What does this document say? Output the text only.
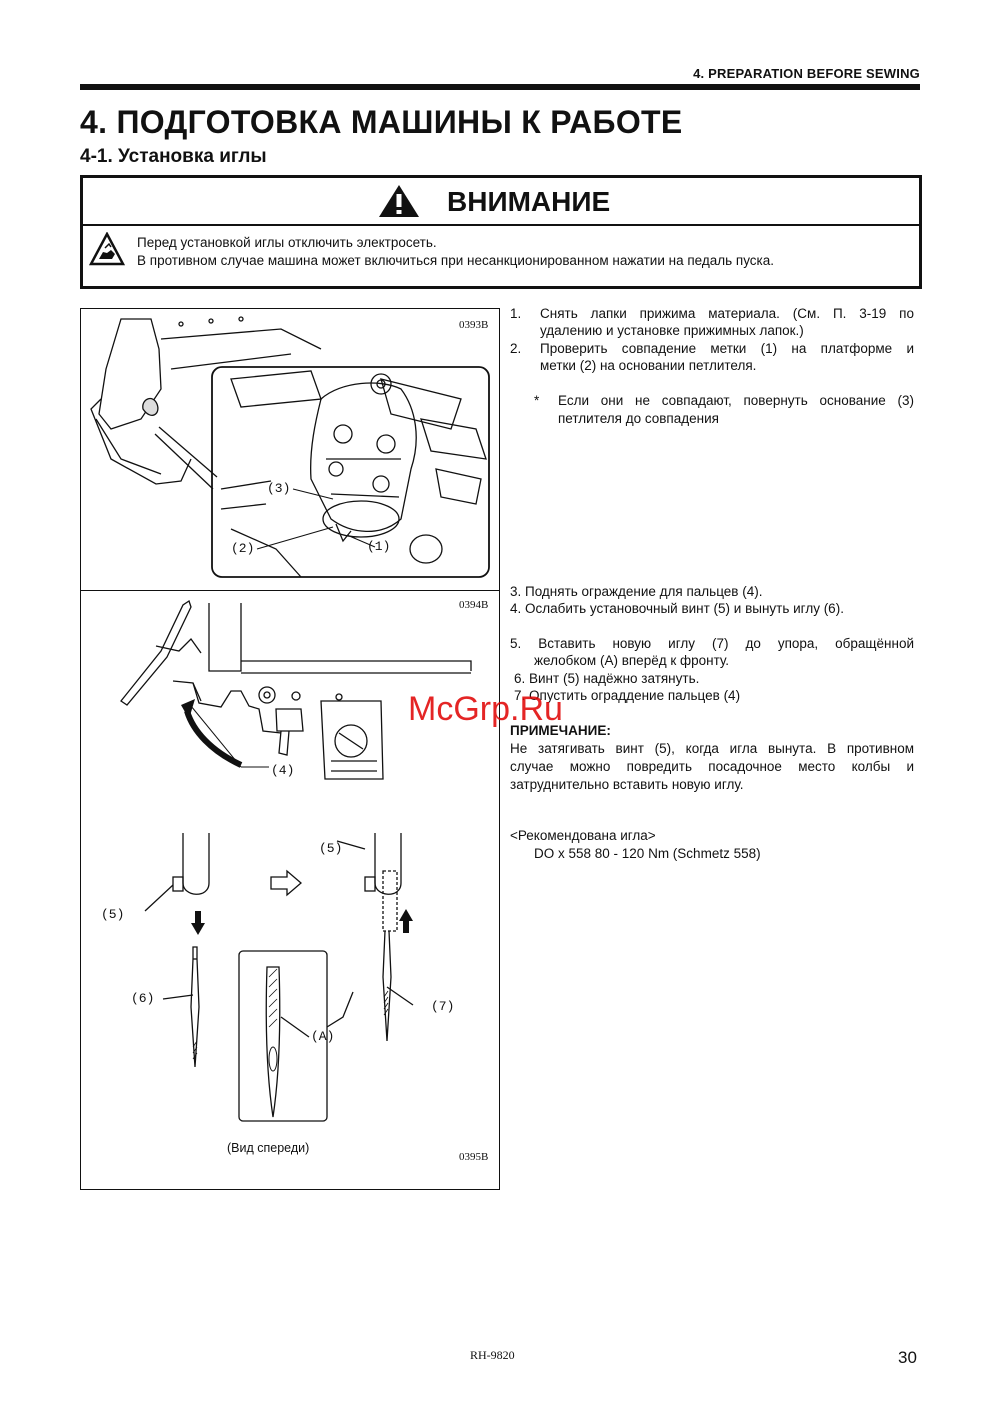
4. PREPARATION BEFORE SEWING
4. ПОДГОТОВКА МАШИНЫ К РАБОТЕ
4-1. Установка иглы
ВНИМАНИЕ
Перед установкой иглы отключить электросеть.
В противном случае машина может включиться при несанкционированном нажатии на педаль пуска.
0393B
(3)
(2)	(1)
0394B
(4)
(5)
(5)
(6)
(A)
(7)
(Вид спереди)
0395B
1. Снять лапки прижима материала. (См. П. 3-19 по
удалению и установке прижимных лапок.)
2. Проверить совпадение метки (1) на платформе и
метки (2) на основании петлителя.
* Если они не совпадают, повернуть основание (3)
петлителя до совпадения
3. Поднять ограждение для пальцев (4).
4. Ослабить установочный винт (5) и вынуть иглу (6).
5.  Вставить  новую  иглу  (7)  до  упора,  обращённой
желобком (А) вперёд к фронту.
6. Винт (5) надёжно затянуть.
7. Опустить ограддение пальцев (4)
ПРИМЕЧАНИЕ:
Не затягивать винт (5), когда игла вынута. В противном
случае можно повредить посадочное место колбы и
затруднительно вставить новую иглу.
<Рекомендована игла>
DO x 558 80 - 120 Nm (Schmetz 558)
McGrp.Ru
RH-9820	30
